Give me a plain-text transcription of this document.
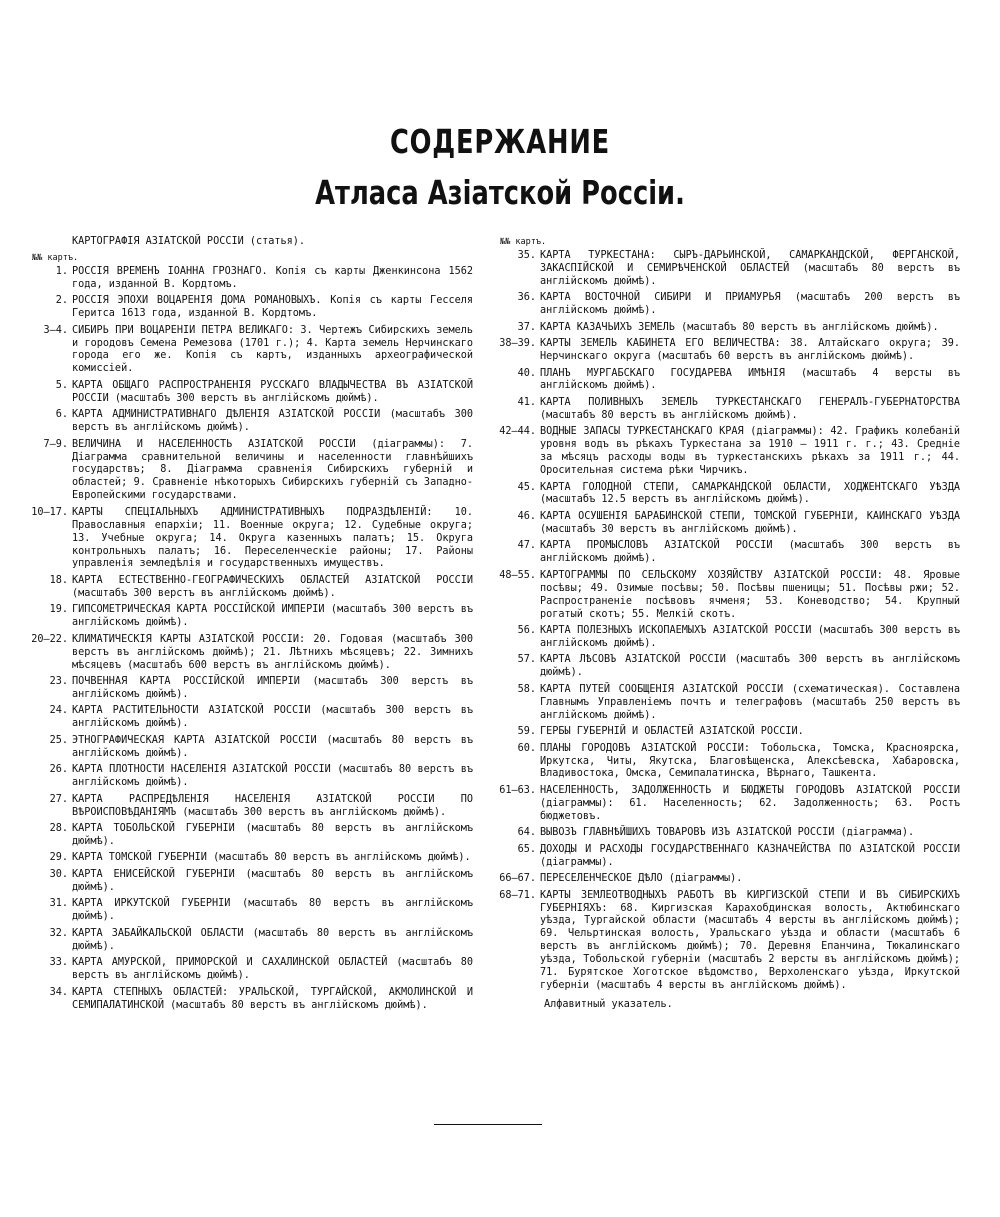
СОДЕРЖАНИЕ
Атласа Азіатской Россіи.
КАРТОГРАФІЯ АЗІАТСКОЙ РОССІИ (статья).
№№ картъ.
1. РОССІЯ ВРЕМЕНЪ ІОАННА ГРОЗНАГО. Копія съ карты Дженкинсона 1562 года, изданной В. Кордтомъ.
2. РОССІЯ ЭПОХИ ВОЦАРЕНІЯ ДОМА РОМАНОВЫХЪ. Копія съ карты Гесселя Геритса 1613 года, изданной В. Кордтомъ.
3—4. СИБИРЬ ПРИ ВОЦАРЕНІИ ПЕТРА ВЕЛИКАГО: 3. Чертежъ Сибирскихъ земель и городовъ Семена Ремезова (1701 г.); 4. Карта земель Нерчинскаго города его же. Копія съ картъ, изданныхъ археографической комиссіей.
5. КАРТА ОБЩАГО РАСПРОСТРАНЕНІЯ РУССКАГО ВЛАДЫЧЕСТВА ВЪ АЗІАТСКОЙ РОССІИ (масштабъ 300 верстъ въ англійскомъ дюймѣ).
6. КАРТА АДМИНИСТРАТИВНАГО ДѢЛЕНІЯ АЗІАТСКОЙ РОССІИ (масштабъ 300 верстъ въ англійскомъ дюймѣ).
7—9. ВЕЛИЧИНА И НАСЕЛЕННОСТЬ АЗІАТСКОЙ РОССІИ (діаграммы): 7. Діаграмма сравнительной величины и населенности главнѣйшихъ государствъ; 8. Діаграмма сравненія Сибирскихъ губерній и областей; 9. Сравненіе нѣкоторыхъ Сибирскихъ губерній съ Западно-Европейскими государствами.
10—17. КАРТЫ СПЕЦІАЛЬНЫХЪ АДМИНИСТРАТИВНЫХЪ ПОДРАЗДѢЛЕНІЙ: 10. Православныя епархіи; 11. Военные округа; 12. Судебные округа; 13. Учебные округа; 14. Округа казенныхъ палатъ; 15. Округа контрольныхъ палатъ; 16. Переселенческіе районы; 17. Районы управленія земледѣлія и государственныхъ имуществъ.
18. КАРТА ЕСТЕСТВЕННО-ГЕОГРАФИЧЕСКИХЪ ОБЛАСТЕЙ АЗІАТСКОЙ РОССІИ (масштабъ 300 верстъ въ англійскомъ дюймѣ).
19. ГИПСОМЕТРИЧЕСКАЯ КАРТА РОССІЙСКОЙ ИМПЕРІИ (масштабъ 300 верстъ въ англійскомъ дюймѣ).
20—22. КЛИМАТИЧЕСКІЯ КАРТЫ АЗІАТСКОЙ РОССІИ: 20. Годовая (масштабъ 300 верстъ въ англійскомъ дюймѣ); 21. Лѣтнихъ мѣсяцевъ; 22. Зимнихъ мѣсяцевъ (масштабъ 600 верстъ въ англійскомъ дюймѣ).
23. ПОЧВЕННАЯ КАРТА РОССІЙСКОЙ ИМПЕРІИ (масштабъ 300 верстъ въ англійскомъ дюймѣ).
24. КАРТА РАСТИТЕЛЬНОСТИ АЗІАТСКОЙ РОССІИ (масштабъ 300 верстъ въ англійскомъ дюймѣ).
25. ЭТНОГРАФИЧЕСКАЯ КАРТА АЗІАТСКОЙ РОССІИ (масштабъ 80 верстъ въ англійскомъ дюймѣ).
26. КАРТА ПЛОТНОСТИ НАСЕЛЕНІЯ АЗІАТСКОЙ РОССІИ (масштабъ 80 верстъ въ англійскомъ дюймѣ).
27. КАРТА РАСПРЕДѢЛЕНІЯ НАСЕЛЕНІЯ АЗІАТСКОЙ РОССІИ ПО ВѢРОИСПОВѢДАНІЯМЪ (масштабъ 300 верстъ въ англійскомъ дюймѣ).
28. КАРТА ТОБОЛЬСКОЙ ГУБЕРНІИ (масштабъ 80 верстъ въ англійскомъ дюймѣ).
29. КАРТА ТОМСКОЙ ГУБЕРНІИ (масштабъ 80 верстъ въ англійскомъ дюймѣ).
30. КАРТА ЕНИСЕЙСКОЙ ГУБЕРНІИ (масштабъ 80 верстъ въ англійскомъ дюймѣ).
31. КАРТА ИРКУТСКОЙ ГУБЕРНІИ (масштабъ 80 верстъ въ англійскомъ дюймѣ).
32. КАРТА ЗАБАЙКАЛЬСКОЙ ОБЛАСТИ (масштабъ 80 верстъ въ англійскомъ дюймѣ).
33. КАРТА АМУРСКОЙ, ПРИМОРСКОЙ И САХАЛИНСКОЙ ОБЛАСТЕЙ (масштабъ 80 верстъ въ англійскомъ дюймѣ).
34. КАРТА СТЕПНЫХЪ ОБЛАСТЕЙ: УРАЛЬСКОЙ, ТУРГАЙСКОЙ, АКМОЛИНСКОЙ И СЕМИПАЛАТИНСКОЙ (масштабъ 80 верстъ въ англійскомъ дюймѣ).
№№ картъ.
35. КАРТА ТУРКЕСТАНА: СЫРЪ-ДАРЬИНСКОЙ, САМАРКАНДСКОЙ, ФЕРГАНСКОЙ, ЗАКАСПІЙСКОЙ И СЕМИРѢЧЕНСКОЙ ОБЛАСТЕЙ (масштабъ 80 верстъ въ англійскомъ дюймѣ).
36. КАРТА ВОСТОЧНОЙ СИБИРИ И ПРИАМУРЬЯ (масштабъ 200 верстъ въ англійскомъ дюймѣ).
37. КАРТА КАЗАЧЬИХЪ ЗЕМЕЛЬ (масштабъ 80 верстъ въ англійскомъ дюймѣ).
38—39. КАРТЫ ЗЕМЕЛЬ КАБИНЕТА ЕГО ВЕЛИЧЕСТВА: 38. Алтайскаго округа; 39. Нерчинскаго округа (масштабъ 60 верстъ въ англійскомъ дюймѣ).
40. ПЛАНЪ МУРГАБСКАГО ГОСУДАРЕВА ИМѢНІЯ (масштабъ 4 версты въ англійскомъ дюймѣ).
41. КАРТА ПОЛИВНЫХЪ ЗЕМЕЛЬ ТУРКЕСТАНСКАГО ГЕНЕРАЛЪ-ГУБЕРНАТОРСТВА (масштабъ 80 верстъ въ англійскомъ дюймѣ).
42—44. ВОДНЫЕ ЗАПАСЫ ТУРКЕСТАНСКАГО КРАЯ (діаграммы): 42. Графикъ колебаній уровня водъ въ рѣкахъ Туркестана за 1910 — 1911 г. г.; 43. Средніе за мѣсяцъ расходы воды въ туркестанскихъ рѣкахъ за 1911 г.; 44. Оросительная система рѣки Чирчикъ.
45. КАРТА ГОЛОДНОЙ СТЕПИ, САМАРКАНДСКОЙ ОБЛАСТИ, ХОДЖЕНТСКАГО УѢЗДА (масштабъ 12.5 верстъ въ англійскомъ дюймѣ).
46. КАРТА ОСУШЕНІЯ БАРАБИНСКОЙ СТЕПИ, ТОМСКОЙ ГУБЕРНІИ, КАИНСКАГО УѢЗДА (масштабъ 30 верстъ въ англійскомъ дюймѣ).
47. КАРТА ПРОМЫСЛОВЪ АЗІАТСКОЙ РОССІИ (масштабъ 300 верстъ въ англійскомъ дюймѣ).
48—55. КАРТОГРАММЫ ПО СЕЛЬСКОМУ ХОЗЯЙСТВУ АЗІАТСКОЙ РОССІИ: 48. Яровые посѣвы; 49. Озимые посѣвы; 50. Посѣвы пшеницы; 51. Посѣвы ржи; 52. Распространеніе посѣвовъ ячменя; 53. Коневодство; 54. Крупный рогатый скотъ; 55. Мелкій скотъ.
56. КАРТА ПОЛЕЗНЫХЪ ИСКОПАЕМЫХЪ АЗІАТСКОЙ РОССІИ (масштабъ 300 верстъ въ англійскомъ дюймѣ).
57. КАРТА ЛѢСОВЪ АЗІАТСКОЙ РОССІИ (масштабъ 300 верстъ въ англійскомъ дюймѣ).
58. КАРТА ПУТЕЙ СООБЩЕНІЯ АЗІАТСКОЙ РОССІИ (схематическая). Составлена Главнымъ Управленіемъ почтъ и телеграфовъ (масштабъ 250 верстъ въ англійскомъ дюймѣ).
59. ГЕРБЫ ГУБЕРНІЙ И ОБЛАСТЕЙ АЗІАТСКОЙ РОССІИ.
60. ПЛАНЫ ГОРОДОВЪ АЗІАТСКОЙ РОССІИ: Тобольска, Томска, Красноярска, Иркутска, Читы, Якутска, Благовѣщенска, Алексѣевска, Хабаровска, Владивостока, Омска, Семипалатинска, Вѣрнаго, Ташкента.
61—63. НАСЕЛЕННОСТЬ, ЗАДОЛЖЕННОСТЬ И БЮДЖЕТЫ ГОРОДОВЪ АЗІАТСКОЙ РОССІИ (діаграммы): 61. Населенность; 62. Задолженность; 63. Ростъ бюджетовъ.
64. ВЫВОЗЪ ГЛАВНѢЙШИХЪ ТОВАРОВЪ ИЗЪ АЗІАТСКОЙ РОССІИ (діаграмма).
65. ДОХОДЫ И РАСХОДЫ ГОСУДАРСТВЕННАГО КАЗНАЧЕЙСТВА ПО АЗІАТСКОЙ РОССІИ (діаграммы).
66—67. ПЕРЕСЕЛЕНЧЕСКОЕ ДѢЛО (діаграммы).
68—71. КАРТЫ ЗЕМЛЕОТВОДНЫХЪ РАБОТЪ ВЪ КИРГИЗСКОЙ СТЕПИ И ВЪ СИБИРСКИХЪ ГУБЕРНІЯХЪ: 68. Киргизская Карахобдинская волость, Актюбинскаго уѣзда, Тургайской области (масштабъ 4 версты въ англійскомъ дюймѣ); 69. Чельртинская волость, Уральскаго уѣзда и области (масштабъ 6 верстъ въ англійскомъ дюймѣ); 70. Деревня Епанчина, Тюкалинскаго уѣзда, Тобольской губерніи (масштабъ 2 версты въ англійскомъ дюймѣ); 71. Бурятское Хоготское вѣдомство, Верхоленскаго уѣзда, Иркутской губерніи (масштабъ 4 версты въ англійскомъ дюймѣ).
Алфавитный указатель.
